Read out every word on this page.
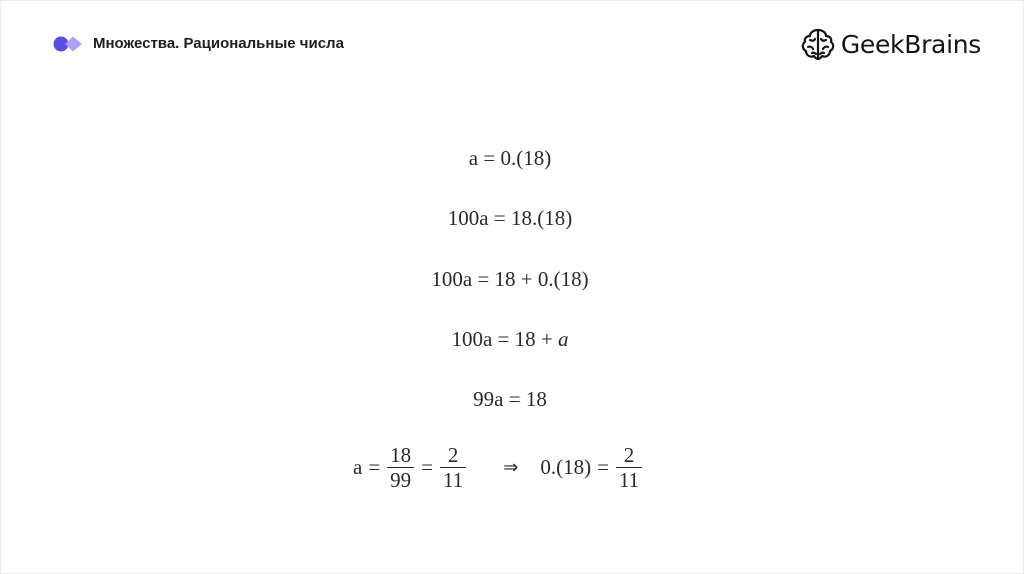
Множества. Рациональные числа	GeekBrains
a = 0.(18)
100a = 18.(18)
100a = 18 + 0.(18)
100a = 18 + a
99a = 18
$a = \frac{18}{99} = \frac{2}{11}$ ⇒ $0.(18) = \frac{2}{11}$
